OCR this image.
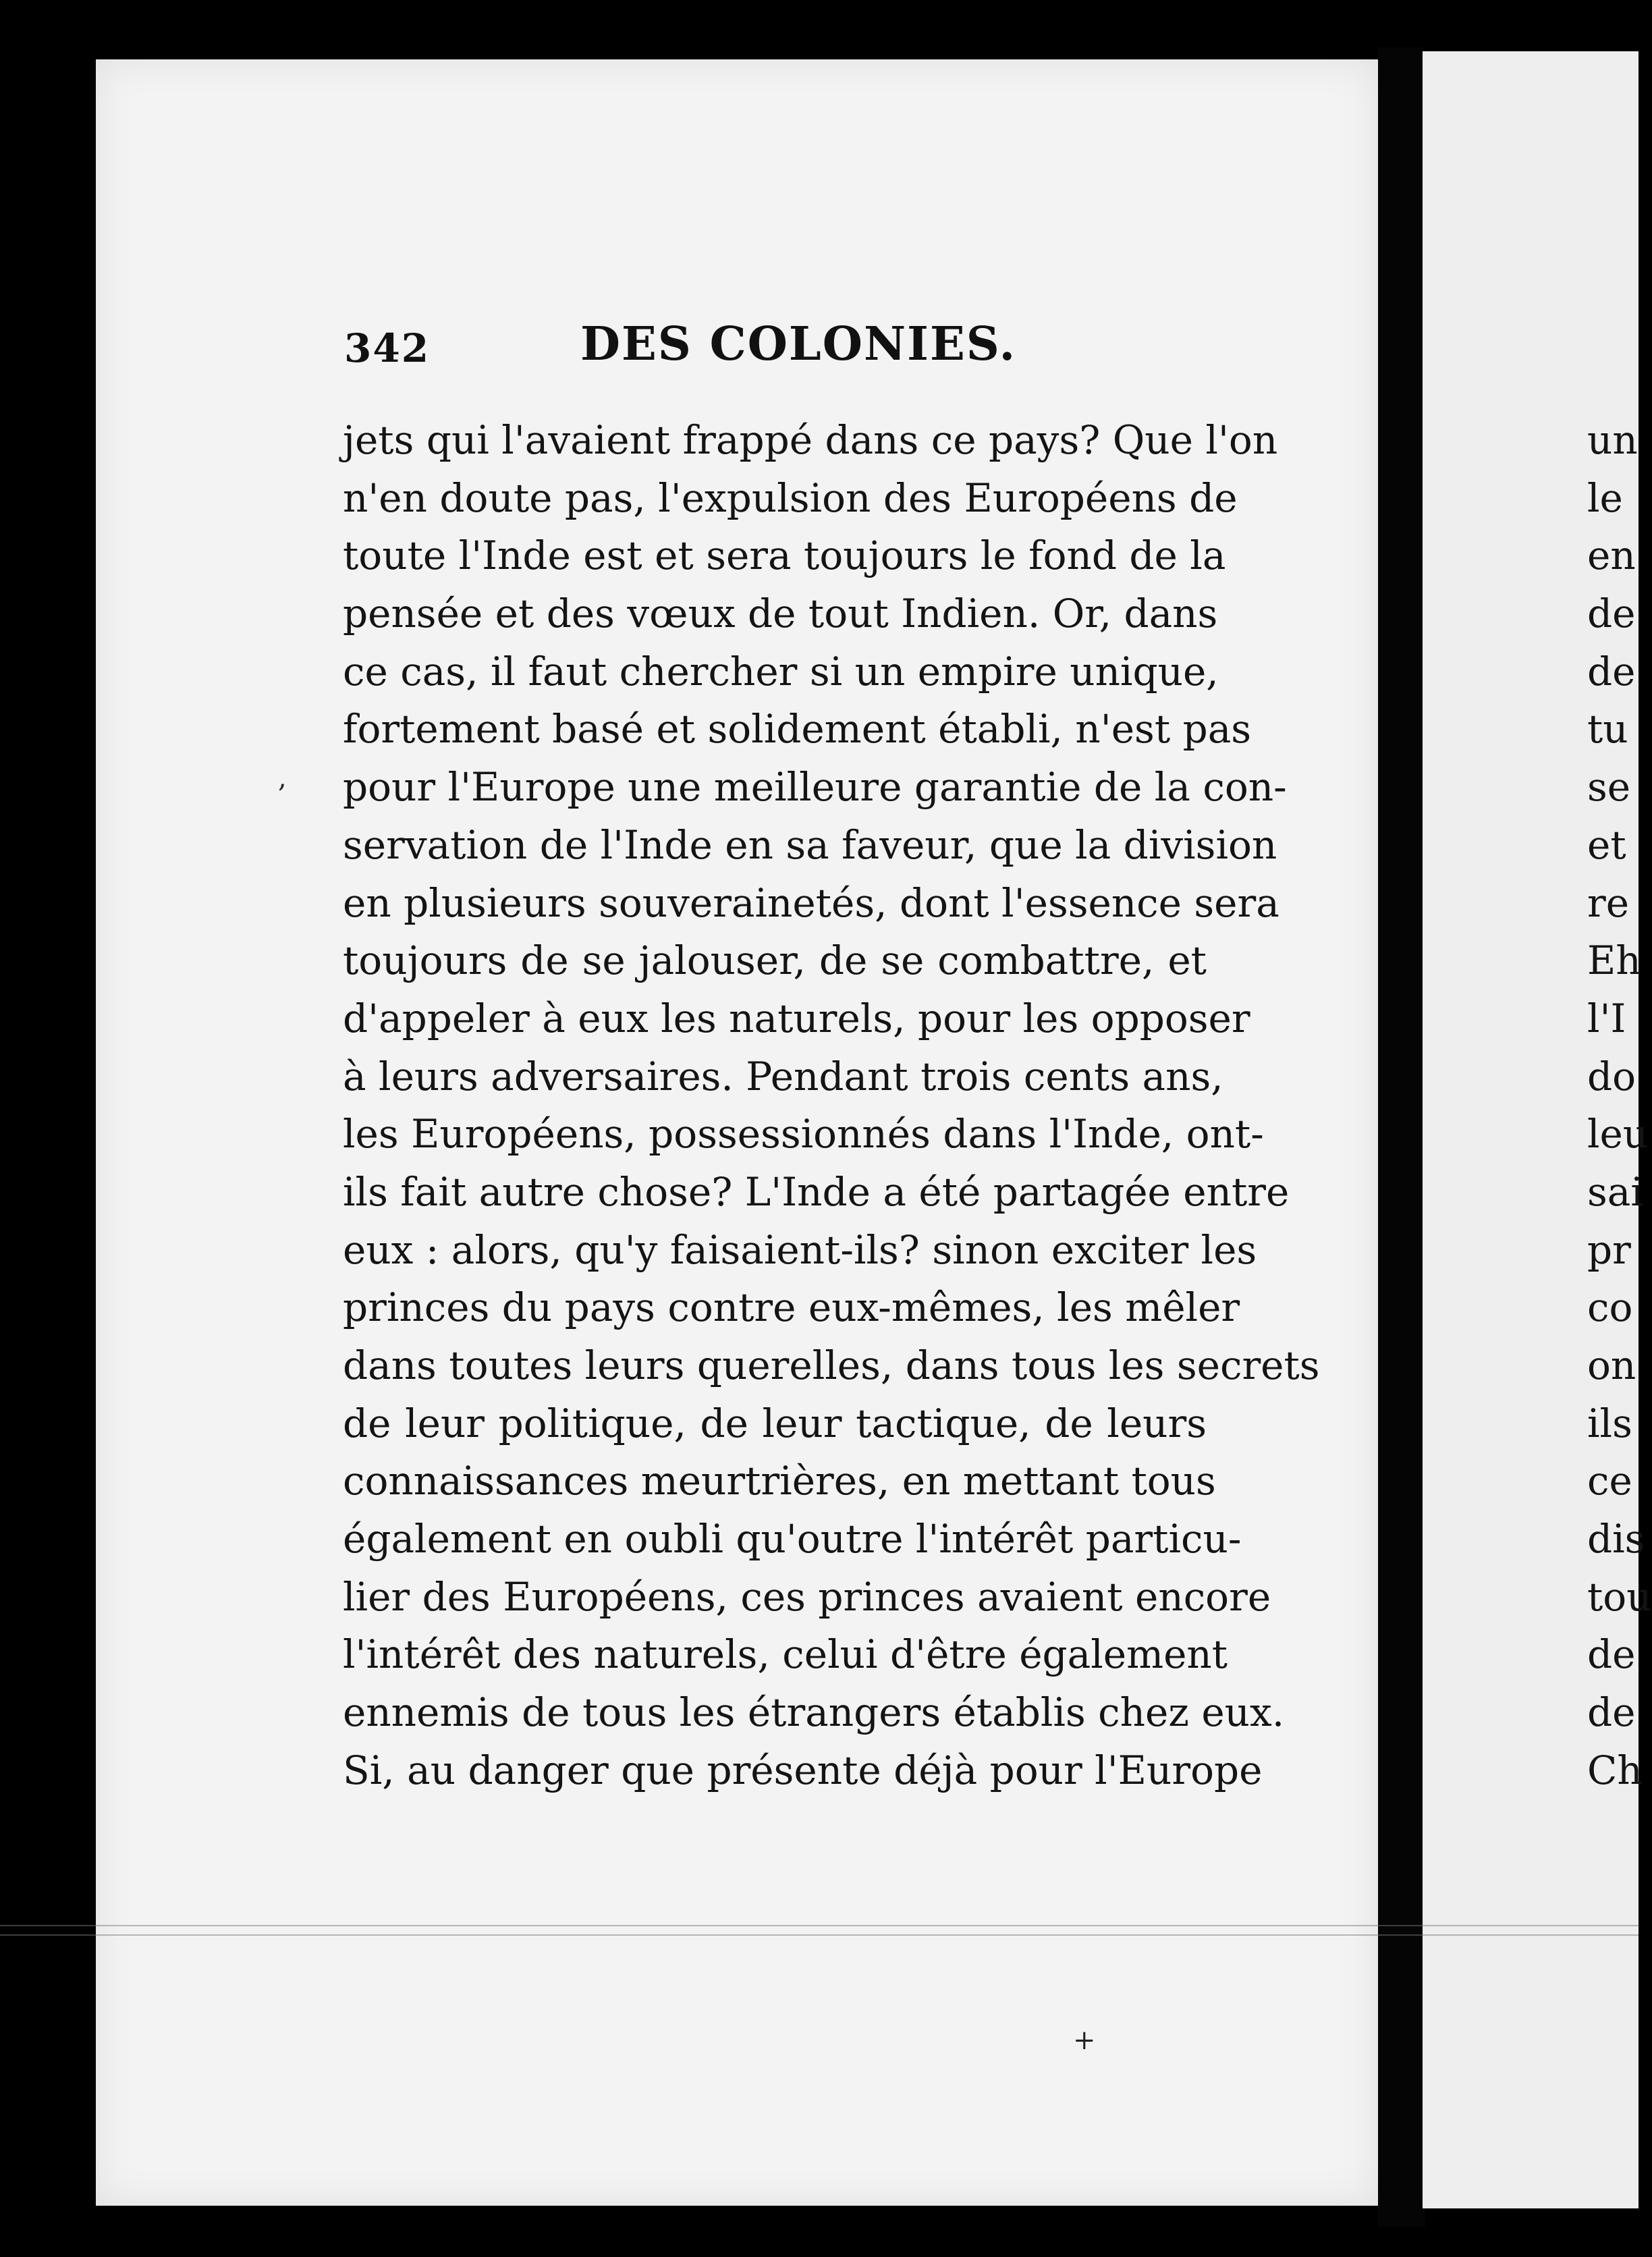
342	DES COLONIES.
jets qui l'avaient frappé dans ce pays? Que l'on
n'en doute pas, l'expulsion des Européens de
toute l'Inde est et sera toujours le fond de la
pensée et des vœux de tout Indien. Or, dans
ce cas, il faut chercher si un empire unique,
fortement basé et solidement établi, n'est pas
pour l'Europe une meilleure garantie de la con-
servation de l'Inde en sa faveur, que la division
en plusieurs souverainetés, dont l'essence sera
toujours de se jalouser, de se combattre, et
d'appeler à eux les naturels, pour les opposer
à leurs adversaires. Pendant trois cents ans,
les Européens, possessionnés dans l'Inde, ont-
ils fait autre chose? L'Inde a été partagée entre
eux : alors, qu'y faisaient-ils? sinon exciter les
princes du pays contre eux-mêmes, les mêler
dans toutes leurs querelles, dans tous les secrets
de leur politique, de leur tactique, de leurs
connaissances meurtrières, en mettant tous
également en oubli qu'outre l'intérêt particu-
lier des Européens, ces princes avaient encore
l'intérêt des naturels, celui d'être également
ennemis de tous les étrangers établis chez eux.
Si, au danger que présente déjà pour l'Europe
un
le
en
de
de
tu
se
et
re
Eh
l'I
do
leu
sai
pr
co
on
ils
ce
dis
tou
de
de
Ch
,
+
